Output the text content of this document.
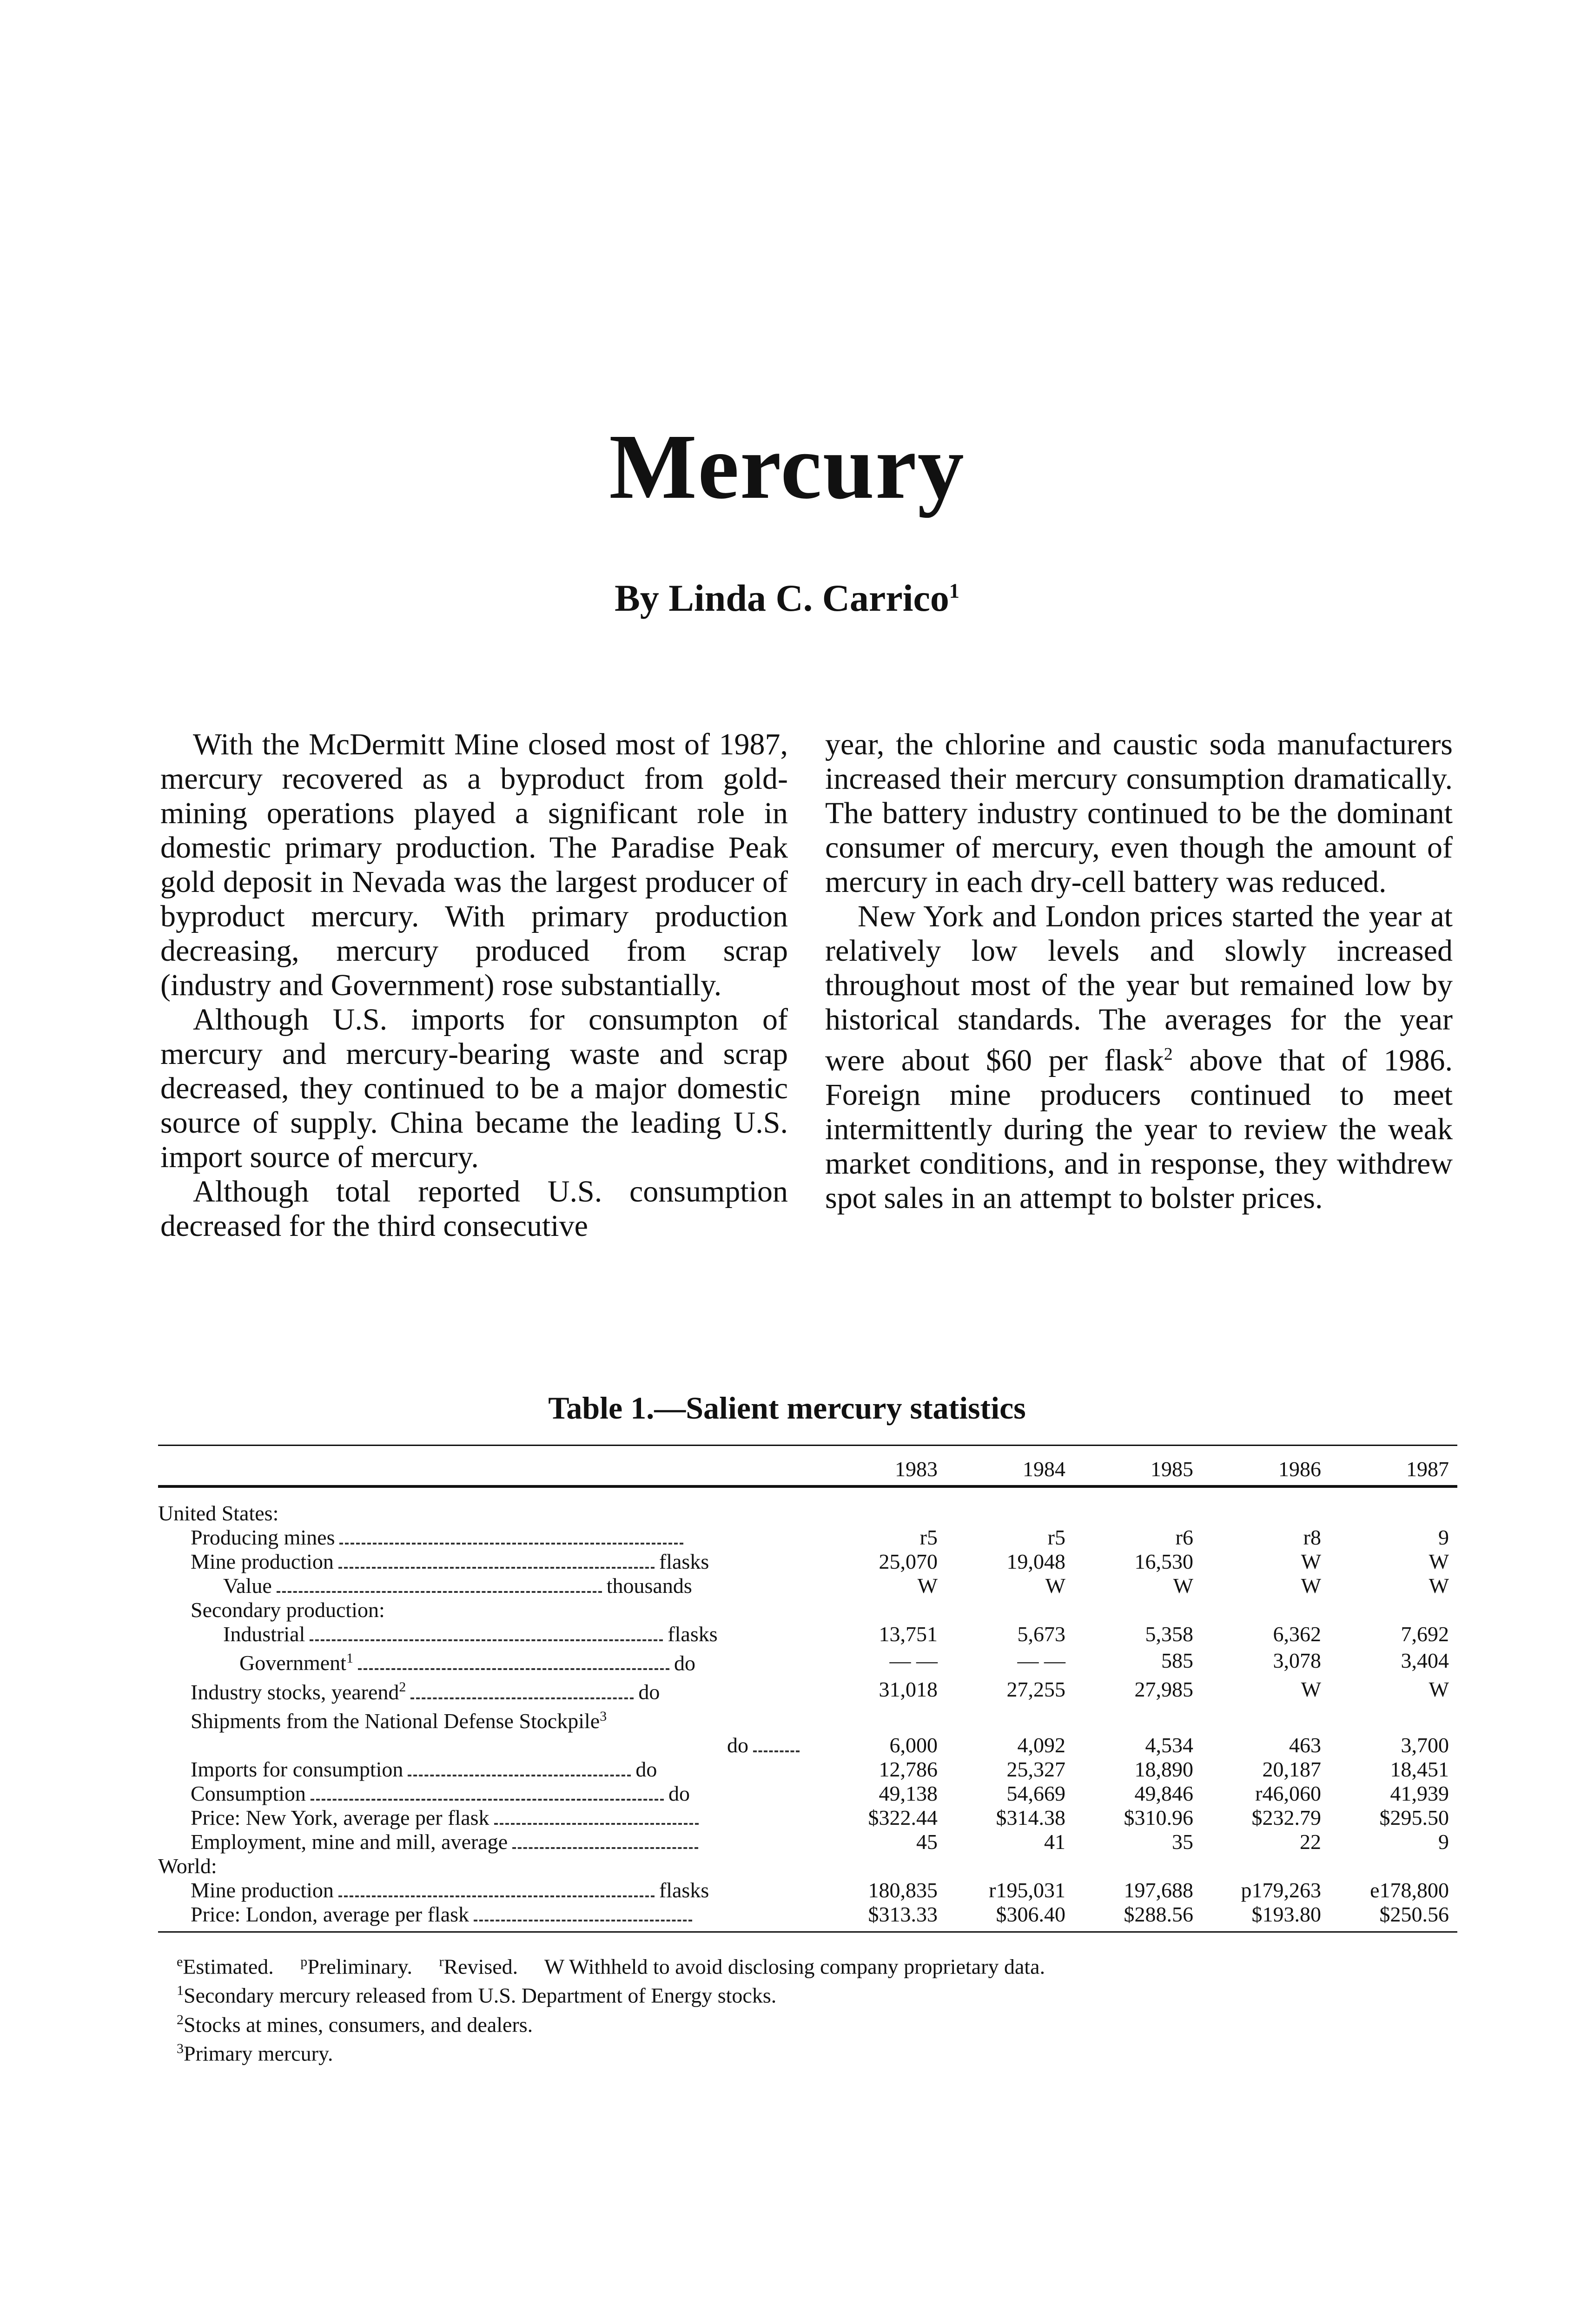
Mercury
By Linda C. Carrico$^1$

With the McDermitt Mine closed most of 1987, mercury recovered as a byproduct from gold-mining operations played a significant role in domestic primary production. The Paradise Peak gold deposit in Nevada was the largest producer of byproduct mercury. With primary production decreasing, mercury produced from scrap (industry and Government) rose substantially.

Although U.S. imports for consumpton of mercury and mercury-bearing waste and scrap decreased, they continued to be a major domestic source of supply. China became the leading U.S. import source of mercury.

Although total reported U.S. consumption decreased for the third consecutive

year, the chlorine and caustic soda manufacturers increased their mercury consumption dramatically. The battery industry continued to be the dominant consumer of mercury, even though the amount of mercury in each dry-cell battery was reduced.

New York and London prices started the year at relatively low levels and slowly increased throughout most of the year but remained low by historical standards. The averages for the year were about $60 per flask$^2$ above that of 1986. Foreign mine producers continued to meet intermittently during the year to review the weak market conditions, and in response, they withdrew spot sales in an attempt to bolster prices.

Table 1.—Salient mercury statistics
	1983	1984	1985	1986	1987

United States:					
Producing mines	r5	r5	r6	r8	9
Mine production flasks	25,070	19,048	16,530	W	W
Value thousands	W	W	W	W	W
Secondary production:					
Industrial flasks	13,751	5,673	5,358	6,362	7,692
Government$^1$ do	— —	— —	585	3,078	3,404
Industry stocks, yearend$^2$ do	31,018	27,255	27,985	W	W
Shipments from the National Defense Stockpile$^3$

do	6,000	4,092	4,534	463	3,700
Imports for consumption do	12,786	25,327	18,890	20,187	18,451
Consumption do	49,138	54,669	49,846	r46,060	41,939
Price: New York, average per flask	$322.44	$314.38	$310.96	$232.79	$295.50
Employment, mine and mill, average	45	41	35	22	9
World:					
Mine production flasks	180,835	r195,031	197,688	p179,263	e178,800
Price: London, average per flask	$313.33	$306.40	$288.56	$193.80	$250.56
$^e$Estimated. $^p$Preliminary. $^r$Revised. W Withheld to avoid disclosing company proprietary data.
$^1$Secondary mercury released from U.S. Department of Energy stocks.
$^2$Stocks at mines, consumers, and dealers.
$^3$Primary mercury.
